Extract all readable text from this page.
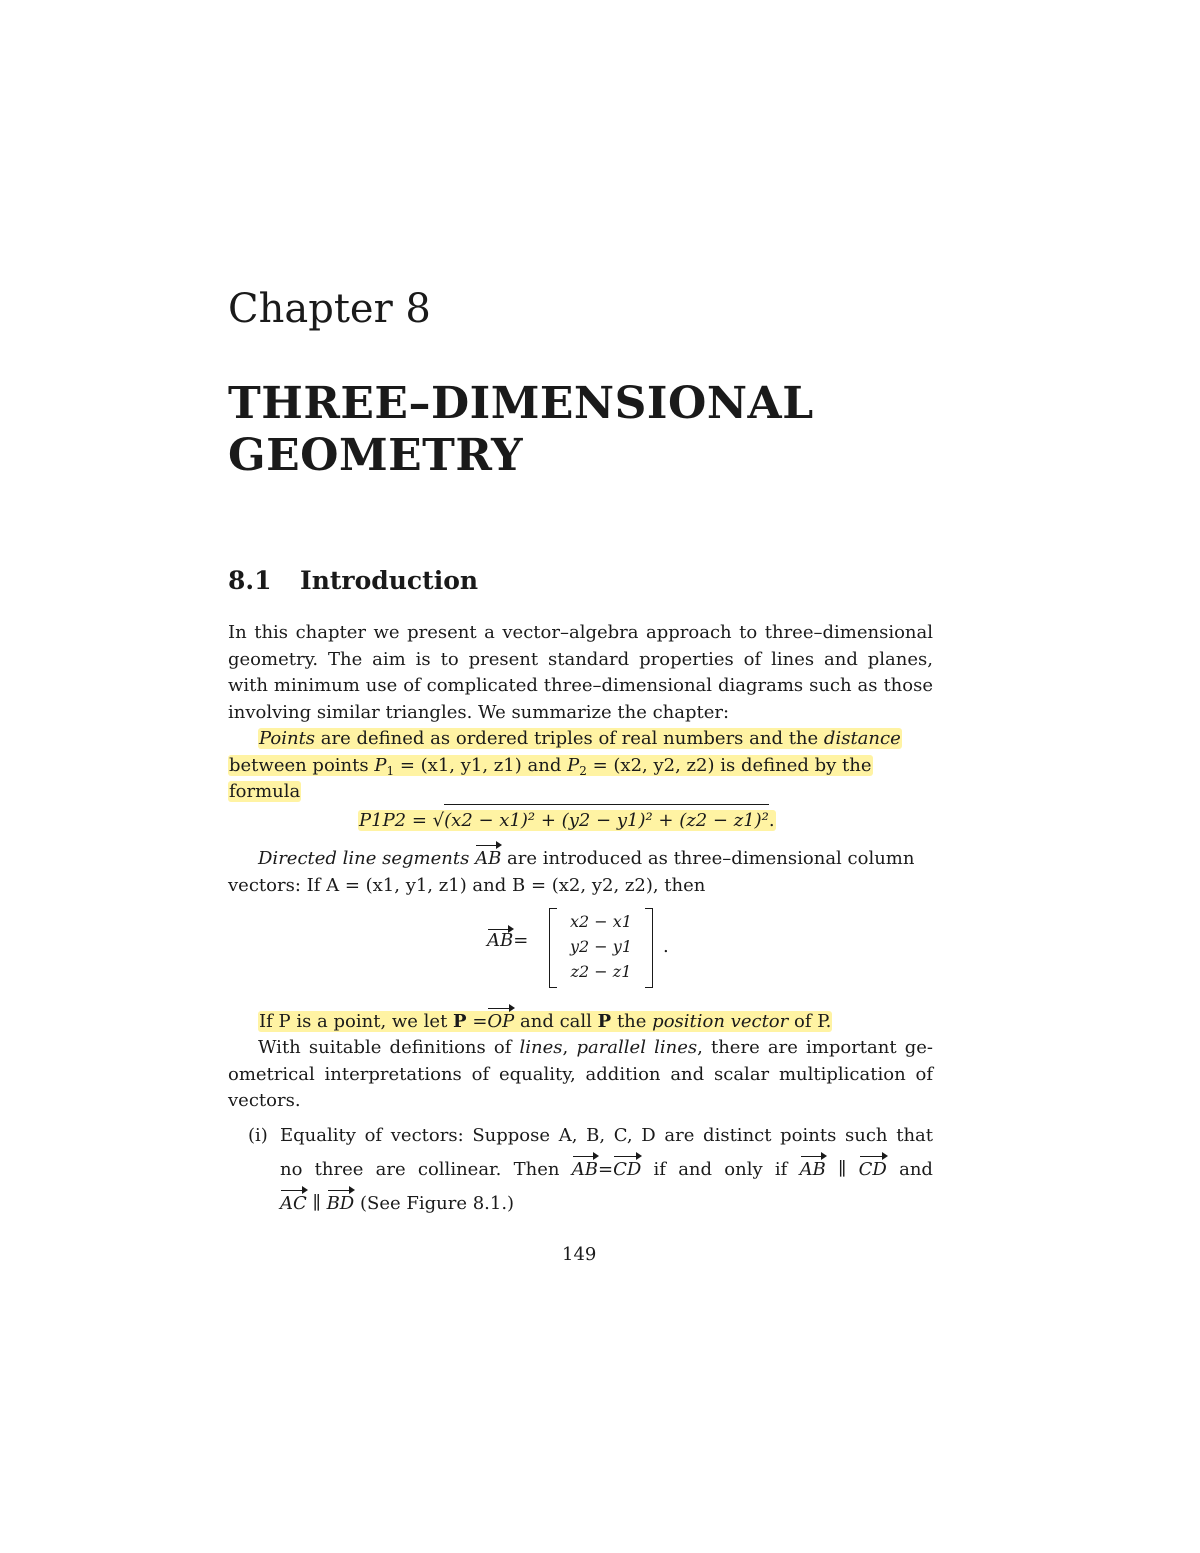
Chapter 8
THREE–DIMENSIONAL
GEOMETRY
8.1 Introduction
In this chapter we present a vector–algebra approach to three–dimensional
geometry. The aim is to present standard properties of lines and planes,
with minimum use of complicated three–dimensional diagrams such as those
involving similar triangles. We summarize the chapter:
Points are defined as ordered triples of real numbers and the distance
between points $P_1 = (x1$, y1, z1) and $P_2 = (x2$, y2, z2) is defined by the
formula
P1P2 = √(x2 − x1)² + (y2 − y1)² + (z2 − z1)².
Directed line segments AB are introduced as three–dimensional column
vectors: If A = (x1, y1, z1) and B = (x2, y2, z2), then
AB=
x2 − x1
y2 − y1
z2 − z1
.
If P is a point, we let P =OP and call P the position vector of P.
With suitable definitions of lines, parallel lines, there are important ge-
ometrical interpretations of equality, addition and scalar multiplication of
vectors.
(i) Equality of vectors: Suppose A, B, C, D are distinct points such that
no three are collinear. Then AB=CD if and only if AB ∥ CD and
AC ∥ BD (See Figure 8.1.)
149
